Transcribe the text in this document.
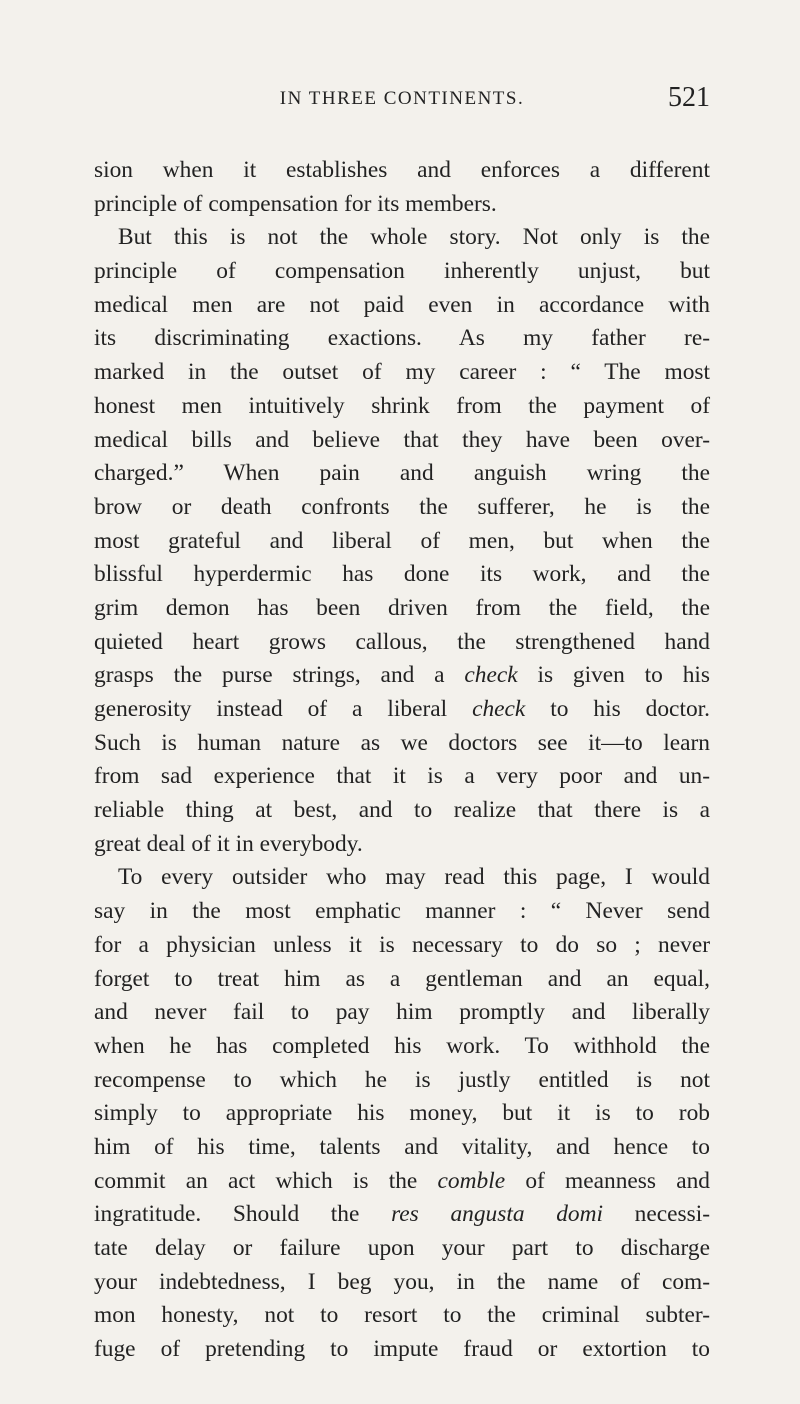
IN THREE CONTINENTS.	521
sion when it establishes and enforces a different
principle of compensation for its members.
But this is not the whole story. Not only is the
principle of compensation inherently unjust, but
medical men are not paid even in accordance with
its discriminating exactions. As my father re-
marked in the outset of my career : “ The most
honest men intuitively shrink from the payment of
medical bills and believe that they have been over-
charged.” When pain and anguish wring the
brow or death confronts the sufferer, he is the
most grateful and liberal of men, but when the
blissful hyperdermic has done its work, and the
grim demon has been driven from the field, the
quieted heart grows callous, the strengthened hand
grasps the purse strings, and a check is given to his
generosity instead of a liberal check to his doctor.
Such is human nature as we doctors see it—to learn
from sad experience that it is a very poor and un-
reliable thing at best, and to realize that there is a
great deal of it in everybody.
To every outsider who may read this page, I would
say in the most emphatic manner : “ Never send
for a physician unless it is necessary to do so ; never
forget to treat him as a gentleman and an equal,
and never fail to pay him promptly and liberally
when he has completed his work. To withhold the
recompense to which he is justly entitled is not
simply to appropriate his money, but it is to rob
him of his time, talents and vitality, and hence to
commit an act which is the comble of meanness and
ingratitude. Should the res angusta domi necessi-
tate delay or failure upon your part to discharge
your indebtedness, I beg you, in the name of com-
mon honesty, not to resort to the criminal subter-
fuge of pretending to impute fraud or extortion to
